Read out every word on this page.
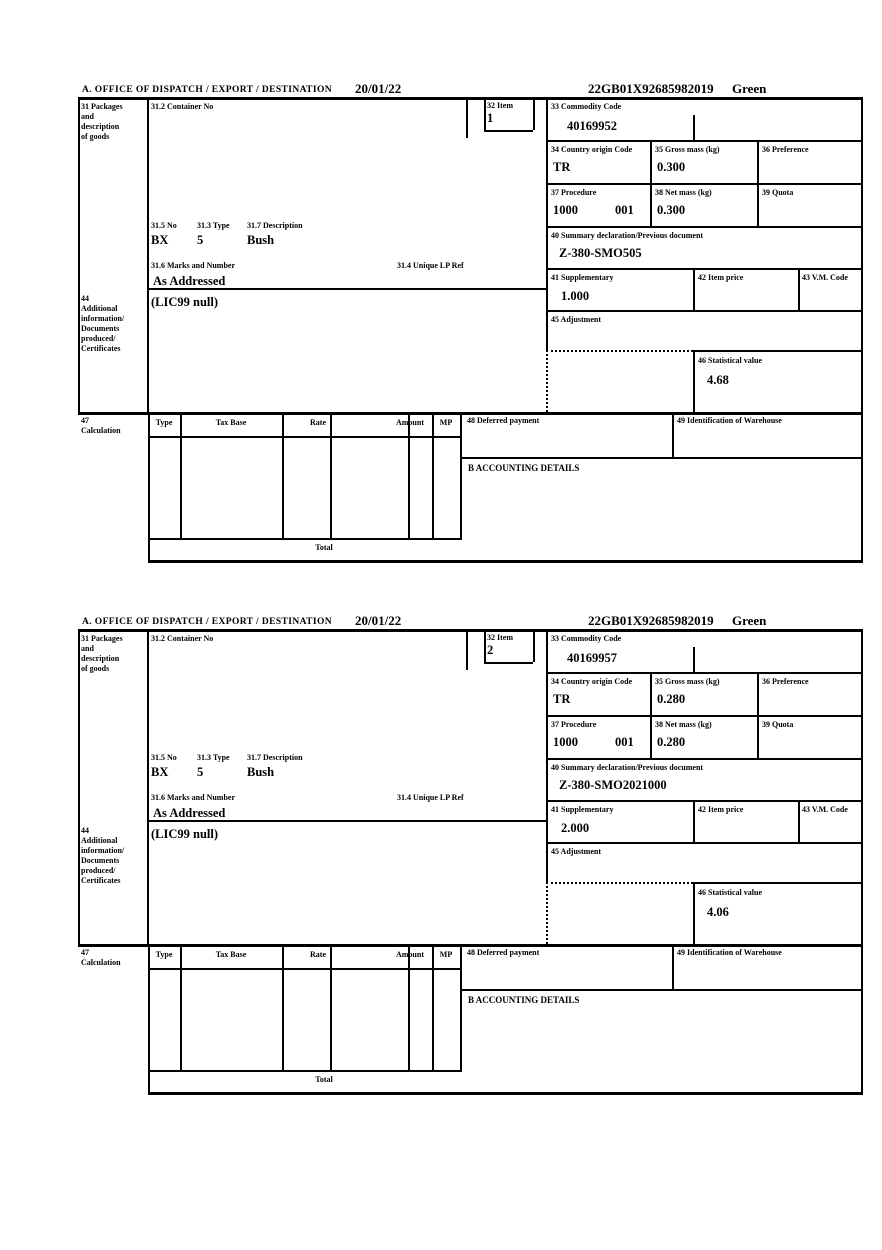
A. OFFICE OF DISPATCH / EXPORT / DESTINATION 20/01/22	22GB01X92685982019 Green
31 Packages
and
description
of goods
31.2 Container No	32 Item
1
33 Commodity Code
40169952
34 Country origin Code
TR
35 Gross mass (kg)
0.300
36 Preference
37 Procedure
1000	001
38 Net mass (kg)
0.300
39 Quota
40 Summary declaration/Previous document
Z-380-SMO505
41 Supplementary
1.000
42 Item price	43 V.M. Code
45 Adjustment
46 Statistical value
4.68
31.5 No	31.3 Type 31.7 Description
BX 5	Bush
31.6 Marks and Number
As Addressed
31.4 Unique LP Ref
44
Additional
information/
Documents
produced/
Certificates
(LIC99 null)
47
Calculation
Type	Tax Base	Rate	Amount	MP
Total
48 Deferred payment	49 Identification of Warehouse
B ACCOUNTING DETAILS
A. OFFICE OF DISPATCH / EXPORT / DESTINATION 20/01/22	22GB01X92685982019 Green
31 Packages
and
description
of goods
31.2 Container No	32 Item
2
33 Commodity Code
40169957
34 Country origin Code
TR
35 Gross mass (kg)
0.280
36 Preference
37 Procedure
1000	001
38 Net mass (kg)
0.280
39 Quota
40 Summary declaration/Previous document
Z-380-SMO2021000
41 Supplementary
2.000
42 Item price	43 V.M. Code
45 Adjustment
46 Statistical value
4.06
31.5 No	31.3 Type 31.7 Description
BX 5	Bush
31.6 Marks and Number
As Addressed
31.4 Unique LP Ref
44
Additional
information/
Documents
produced/
Certificates
(LIC99 null)
47
Calculation
Type	Tax Base	Rate	Amount	MP
Total
48 Deferred payment	49 Identification of Warehouse
B ACCOUNTING DETAILS
